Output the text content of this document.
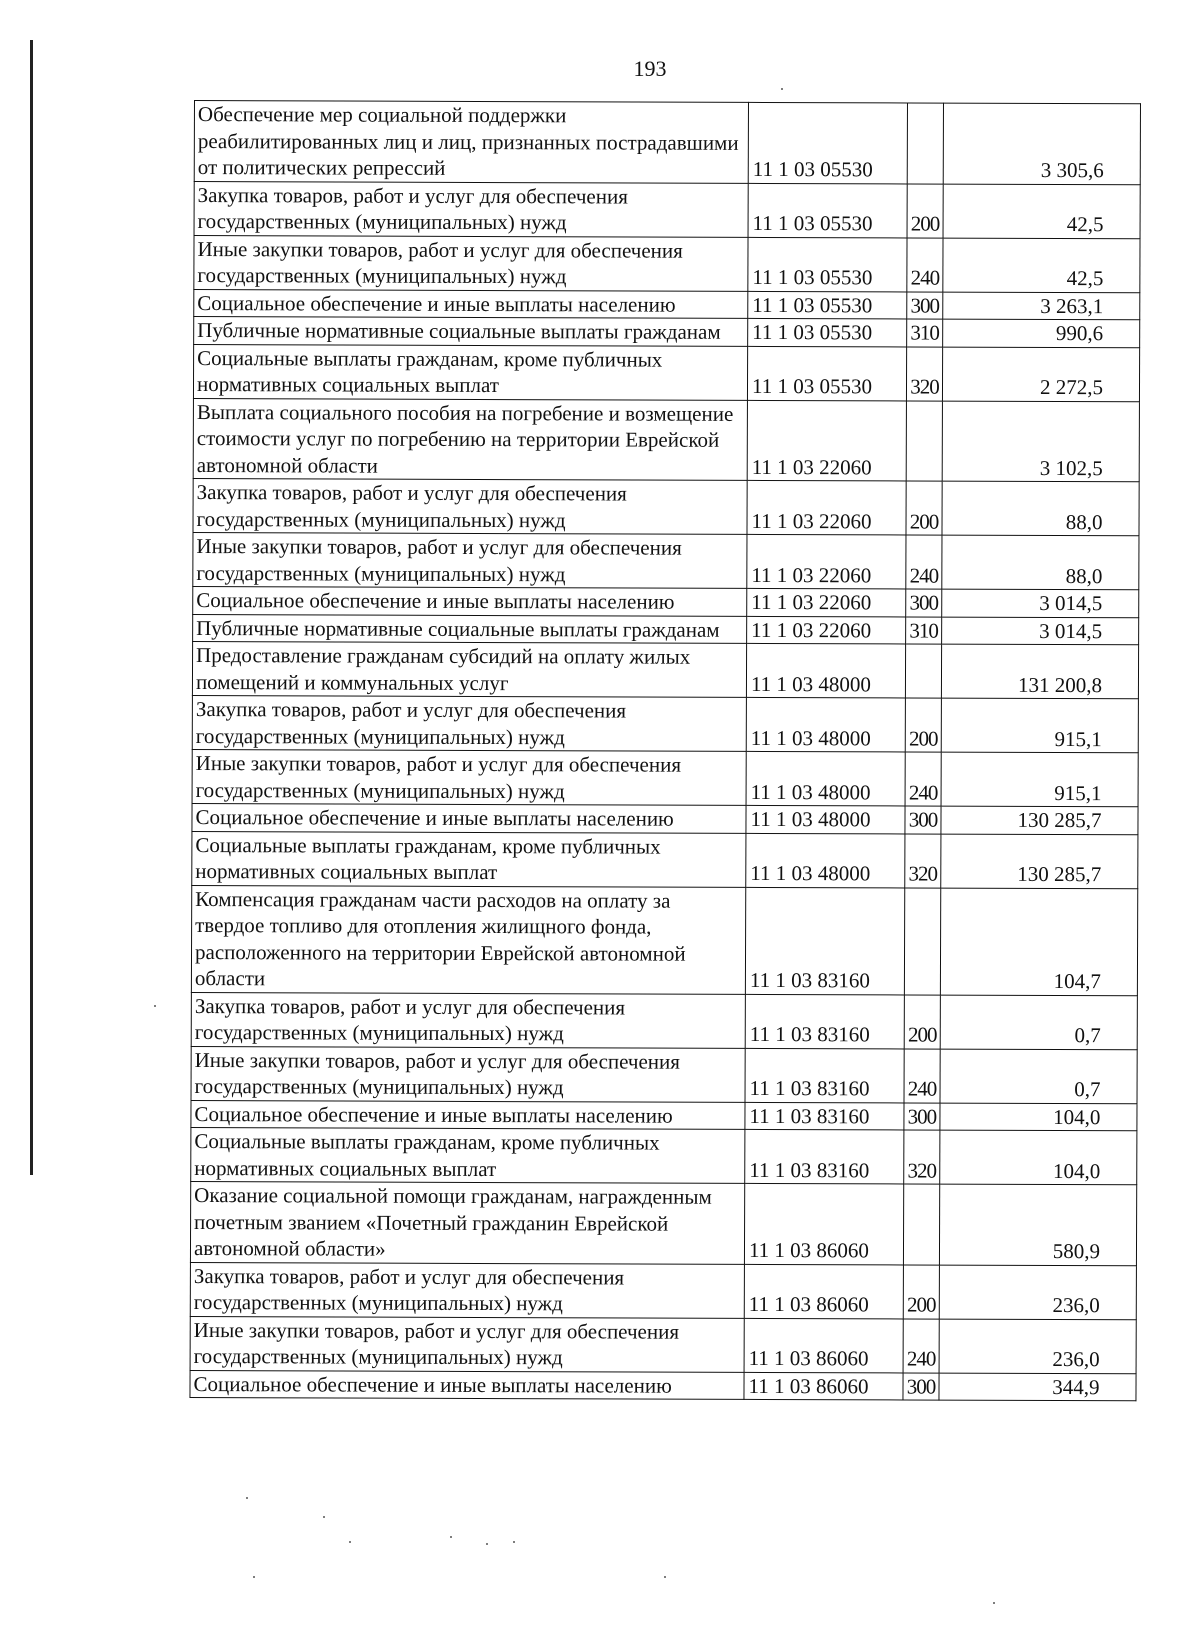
193
Обеспечение мер социальной поддержки реабилитированных лиц и лиц, признанных пострадавшими от политических репрессий	11 1 03 05530		3 305,6
Закупка товаров, работ и услуг для обеспечения государственных (муниципальных) нужд	11 1 03 05530	200	42,5
Иные закупки товаров, работ и услуг для обеспечения государственных (муниципальных) нужд	11 1 03 05530	240	42,5
Социальное обеспечение и иные выплаты населению	11 1 03 05530	300	3 263,1
Публичные нормативные социальные выплаты гражданам	11 1 03 05530	310	990,6
Социальные выплаты гражданам, кроме публичных нормативных социальных выплат	11 1 03 05530	320	2 272,5
Выплата социального пособия на погребение и возмещение стоимости услуг по погребению на территории Еврейской автономной области	11 1 03 22060		3 102,5
Закупка товаров, работ и услуг для обеспечения государственных (муниципальных) нужд	11 1 03 22060	200	88,0
Иные закупки товаров, работ и услуг для обеспечения государственных (муниципальных) нужд	11 1 03 22060	240	88,0
Социальное обеспечение и иные выплаты населению	11 1 03 22060	300	3 014,5
Публичные нормативные социальные выплаты гражданам	11 1 03 22060	310	3 014,5
Предоставление гражданам субсидий на оплату жилых помещений и коммунальных услуг	11 1 03 48000		131 200,8
Закупка товаров, работ и услуг для обеспечения государственных (муниципальных) нужд	11 1 03 48000	200	915,1
Иные закупки товаров, работ и услуг для обеспечения государственных (муниципальных) нужд	11 1 03 48000	240	915,1
Социальное обеспечение и иные выплаты населению	11 1 03 48000	300	130 285,7
Социальные выплаты гражданам, кроме публичных нормативных социальных выплат	11 1 03 48000	320	130 285,7
Компенсация гражданам части расходов на оплату за твердое топливо для отопления жилищного фонда, расположенного на территории Еврейской автономной области	11 1 03 83160		104,7
Закупка товаров, работ и услуг для обеспечения государственных (муниципальных) нужд	11 1 03 83160	200	0,7
Иные закупки товаров, работ и услуг для обеспечения государственных (муниципальных) нужд	11 1 03 83160	240	0,7
Социальное обеспечение и иные выплаты населению	11 1 03 83160	300	104,0
Социальные выплаты гражданам, кроме публичных нормативных социальных выплат	11 1 03 83160	320	104,0
Оказание социальной помощи гражданам, награжденным почетным званием «Почетный гражданин Еврейской автономной области»	11 1 03 86060		580,9
Закупка товаров, работ и услуг для обеспечения государственных (муниципальных) нужд	11 1 03 86060	200	236,0
Иные закупки товаров, работ и услуг для обеспечения государственных (муниципальных) нужд	11 1 03 86060	240	236,0
Социальное обеспечение и иные выплаты населению	11 1 03 86060	300	344,9
